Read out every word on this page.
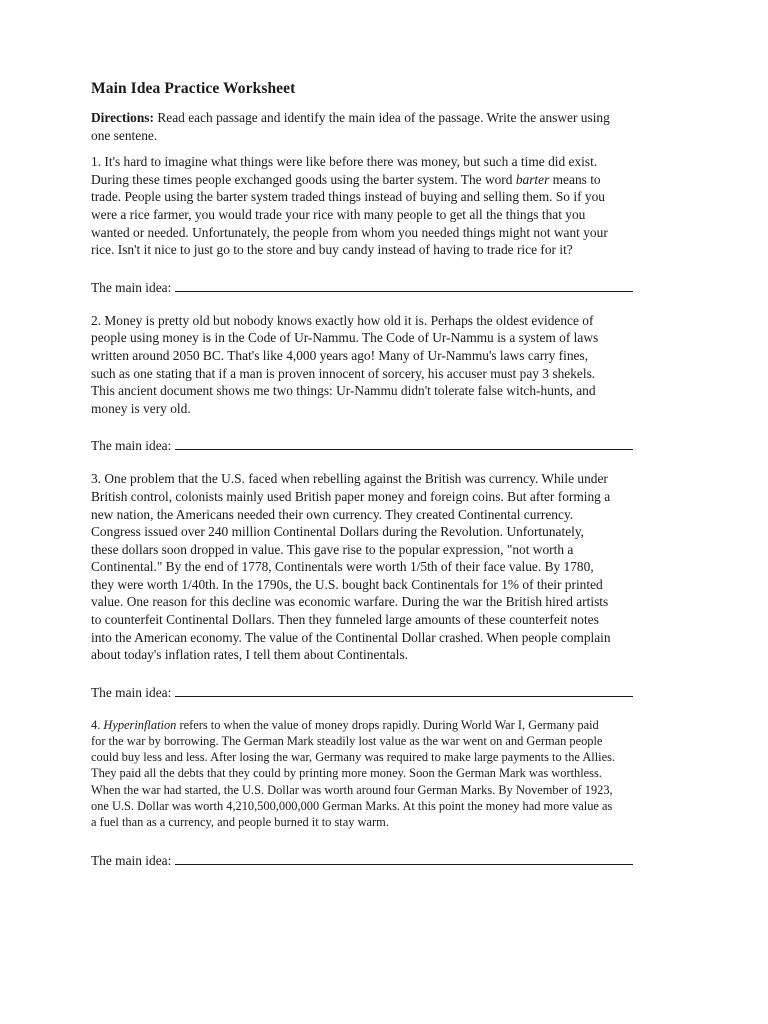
Main Idea Practice Worksheet
Directions: Read each passage and identify the main idea of the passage. Write the answer using
one sentene.
1. It's hard to imagine what things were like before there was money, but such a time did exist.
During these times people exchanged goods using the barter system. The word barter means to
trade. People using the barter system traded things instead of buying and selling them. So if you
were a rice farmer, you would trade your rice with many people to get all the things that you
wanted or needed. Unfortunately, the people from whom you needed things might not want your
rice. Isn't it nice to just go to the store and buy candy instead of having to trade rice for it?
The main idea:
2. Money is pretty old but nobody knows exactly how old it is. Perhaps the oldest evidence of
people using money is in the Code of Ur-Nammu. The Code of Ur-Nammu is a system of laws
written around 2050 BC. That's like 4,000 years ago! Many of Ur-Nammu's laws carry fines,
such as one stating that if a man is proven innocent of sorcery, his accuser must pay 3 shekels.
This ancient document shows me two things: Ur-Nammu didn't tolerate false witch-hunts, and
money is very old.
The main idea:
3. One problem that the U.S. faced when rebelling against the British was currency. While under
British control, colonists mainly used British paper money and foreign coins. But after forming a
new nation, the Americans needed their own currency. They created Continental currency.
Congress issued over 240 million Continental Dollars during the Revolution. Unfortunately,
these dollars soon dropped in value. This gave rise to the popular expression, "not worth a
Continental." By the end of 1778, Continentals were worth 1/5th of their face value. By 1780,
they were worth 1/40th. In the 1790s, the U.S. bought back Continentals for 1% of their printed
value. One reason for this decline was economic warfare. During the war the British hired artists
to counterfeit Continental Dollars. Then they funneled large amounts of these counterfeit notes
into the American economy. The value of the Continental Dollar crashed. When people complain
about today's inflation rates, I tell them about Continentals.
The main idea:
4. Hyperinflation refers to when the value of money drops rapidly. During World War I, Germany paid
for the war by borrowing. The German Mark steadily lost value as the war went on and German people
could buy less and less. After losing the war, Germany was required to make large payments to the Allies.
They paid all the debts that they could by printing more money. Soon the German Mark was worthless.
When the war had started, the U.S. Dollar was worth around four German Marks. By November of 1923,
one U.S. Dollar was worth 4,210,500,000,000 German Marks. At this point the money had more value as
a fuel than as a currency, and people burned it to stay warm.
The main idea:
